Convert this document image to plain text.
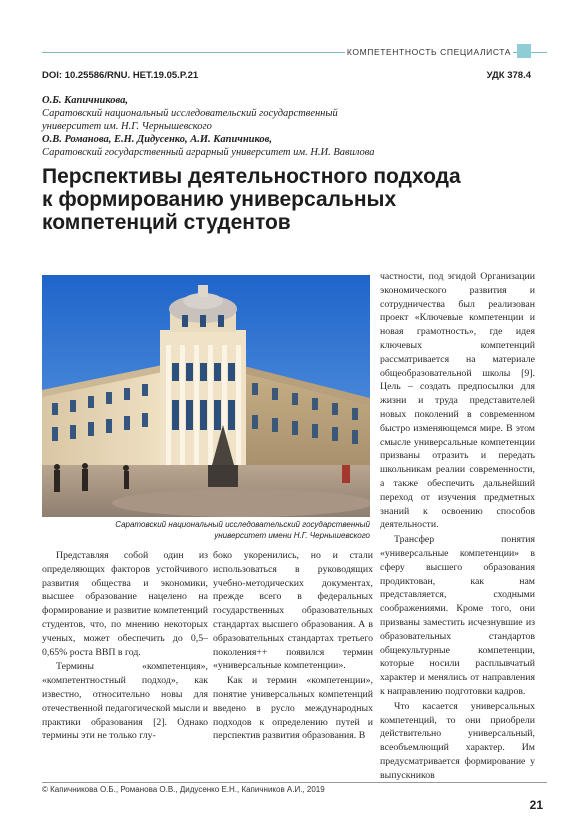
КОМПЕТЕНТНОСТЬ СПЕЦИАЛИСТА
DOI: 10.25586/RNU. HET.19.05.P.21	УДК 378.4
О.Б. Капичникова,
Саратовский национальный исследовательский государственный
университет им. Н.Г. Чернышевского
О.В. Романова, Е.Н. Дидусенко, А.И. Капичников,
Саратовский государственный аграрный университет им. Н.И. Вавилова
Перспективы деятельностного подхода
к формированию универсальных
компетенций студентов
Саратовский национальный исследовательский государственный
университет имени Н.Г. Чернышевского

Представляя собой один из определяющих факторов устойчивого развития общества и экономики, высшее образование нацелено на формирование и развитие компетенций студентов, что, по мнению некоторых ученых, может обеспечить до 0,5–0,65% роста ВВП в год.

Термины «компетенция», «компетентностный подход», как известно, относительно новы для отечественной педагогической мысли и практики образования [2]. Однако термины эти не только глу-

боко укоренились, но и стали использоваться в руководящих учебно-методических документах, прежде всего в федеральных государственных образовательных стандартах высшего образования. А в образовательных стандартах третьего поколения++ появился термин «универсальные компетенции».

Как и термин «компетенции», понятие универсальных компетенций введено в русло международных подходов к определению путей и перспектив развития образования. В

частности, под эгидой Организации экономического развития и сотрудничества был реализован проект «Ключевые компетенции и новая грамотность», где идея ключевых компетенций рассматривается на материале общеобразовательной школы [9]. Цель – создать предпосылки для жизни и труда представителей новых поколений в современном быстро изменяющемся мире. В этом смысле универсальные компетенции призваны отразить и передать школьникам реалии современности, а также обеспечить дальнейший переход от изучения предметных знаний к освоению способов деятельности.

Трансфер понятия «универсальные компетенции» в сферу высшего образования продиктован, как нам представляется, сходными соображениями. Кроме того, они призваны заместить исчезнувшие из образовательных стандартов общекультурные компетенции, которые носили расплывчатый характер и менялись от направления к направлению подготовки кадров.

Что касается универсальных компетенций, то они приобрели действительно универсальный, всеобъемлющий характер. Им предусматривается формирование у выпускников

© Капичникова О.Б., Романова О.В., Дидусенко Е.Н., Капичников А.И., 2019
21
